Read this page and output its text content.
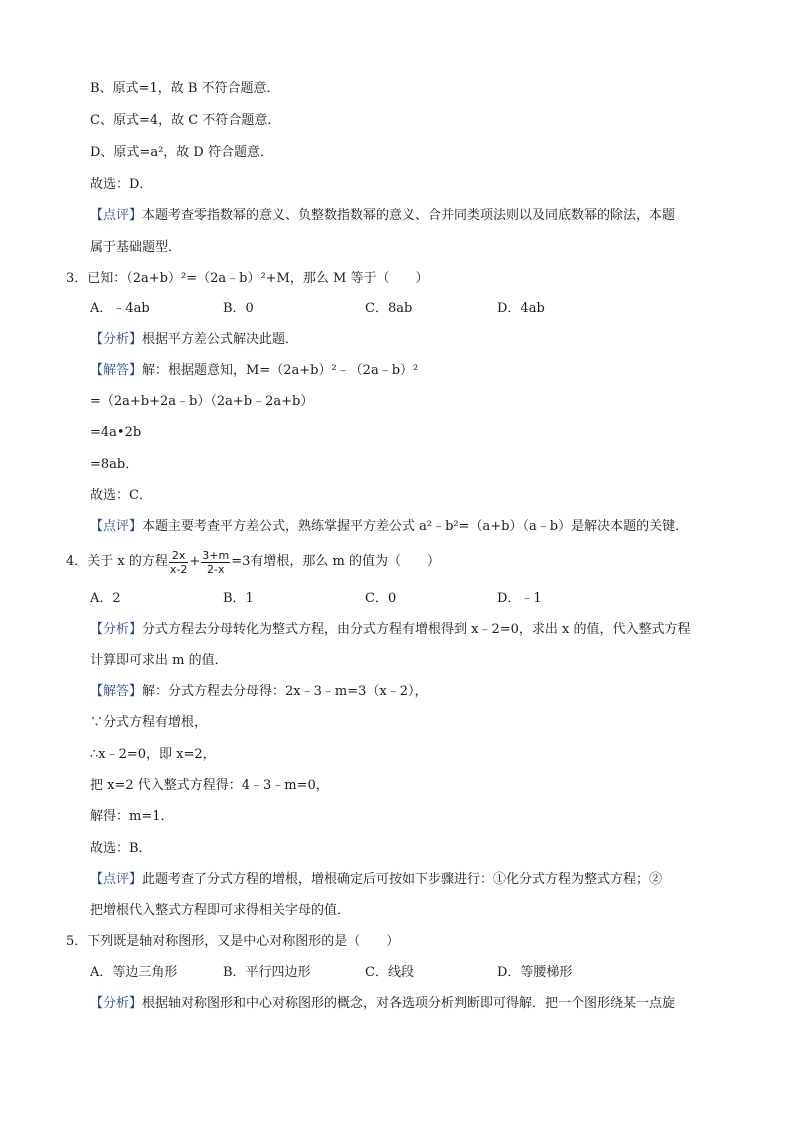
B、原式=1，故 B 不符合题意．
C、原式=4，故 C 不符合题意．
D、原式=a²，故 D 符合题意．
故选：D．
【点评】本题考查零指数幂的意义、负整数指数幂的意义、合并同类项法则以及同底数幂的除法，本题
属于基础题型．
3．已知：（2a+b）²=（2a﹣b）²+M，那么 M 等于（　　）
A．﹣4ab	B．0	C．8ab	D．4ab
【分析】根据平方差公式解决此题．
【解答】解：根据题意知，M=（2a+b）²﹣（2a﹣b）²
=（2a+b+2a﹣b）（2a+b﹣2a+b）
=4a•2b
=8ab．
故选：C．
【点评】本题主要考查平方差公式，熟练掌握平方差公式 a²﹣b²=（a+b）（a﹣b）是解决本题的关键．
4．关于 x 的方程 $\frac{2x}{x-2} + \frac{3+m}{2-x} =3$有增根，那么 m 的值为（　　）
A．2	B．1	C．0	D．﹣1
【分析】分式方程去分母转化为整式方程，由分式方程有增根得到 x﹣2=0，求出 x 的值，代入整式方程
计算即可求出 m 的值．
【解答】解：分式方程去分母得：2x﹣3﹣m=3（x﹣2），
∵分式方程有增根，
∴x﹣2=0，即 x=2，
把 x=2 代入整式方程得：4﹣3﹣m=0，
解得：m=1．
故选：B．
【点评】此题考查了分式方程的增根，增根确定后可按如下步骤进行：①化分式方程为整式方程；②
把增根代入整式方程即可求得相关字母的值．
5．下列既是轴对称图形，又是中心对称图形的是（　　）
A．等边三角形	B．平行四边形	C．线段	D．等腰梯形
【分析】根据轴对称图形和中心对称图形的概念，对各选项分析判断即可得解．把一个图形绕某一点旋
